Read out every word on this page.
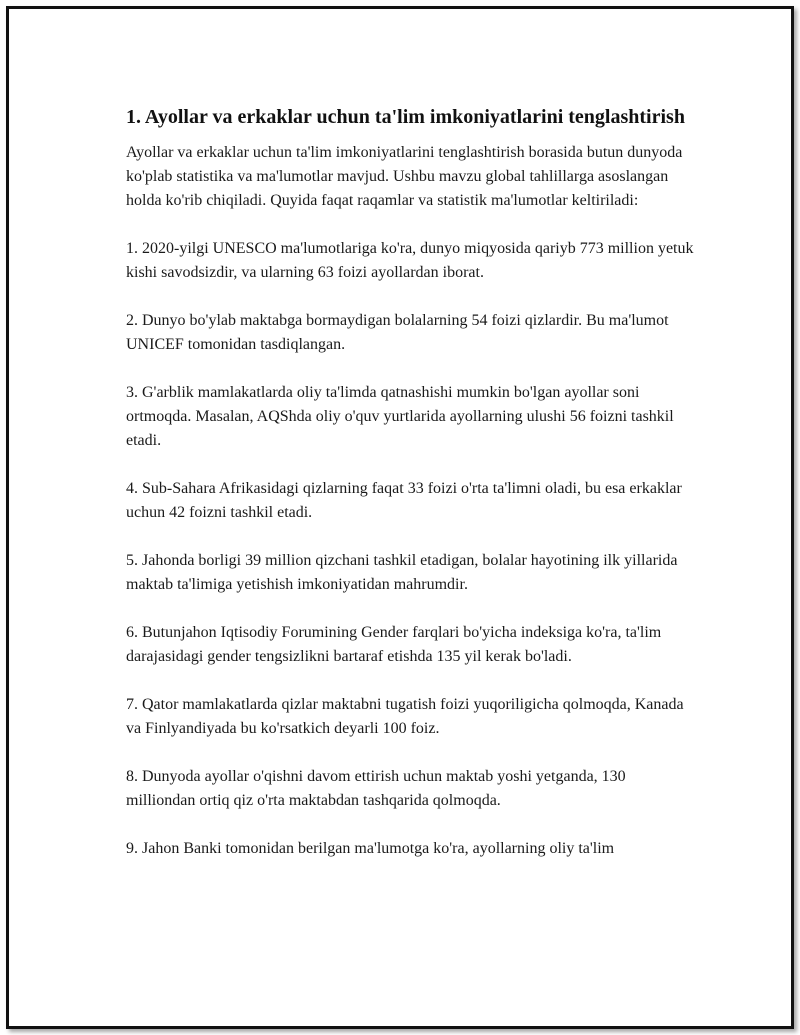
1. Ayollar va erkaklar uchun ta'lim imkoniyatlarini tenglashtirish

Ayollar va erkaklar uchun ta'lim imkoniyatlarini tenglashtirish borasida butun dunyoda ko'plab statistika va ma'lumotlar mavjud. Ushbu mavzu global tahlillarga asoslangan holda ko'rib chiqiladi. Quyida faqat raqamlar va statistik ma'lumotlar keltiriladi:

1. 2020-yilgi UNESCO ma'lumotlariga ko'ra, dunyo miqyosida qariyb 773 million yetuk kishi savodsizdir, va ularning 63 foizi ayollardan iborat.

2. Dunyo bo'ylab maktabga bormaydigan bolalarning 54 foizi qizlardir. Bu ma'lumot UNICEF tomonidan tasdiqlangan.

3. G'arblik mamlakatlarda oliy ta'limda qatnashishi mumkin bo'lgan ayollar soni ortmoqda. Masalan, AQShda oliy o'quv yurtlarida ayollarning ulushi 56 foizni tashkil etadi.

4. Sub-Sahara Afrikasidagi qizlarning faqat 33 foizi o'rta ta'limni oladi, bu esa erkaklar uchun 42 foizni tashkil etadi.

5. Jahonda borligi 39 million qizchani tashkil etadigan, bolalar hayotining ilk yillarida maktab ta'limiga yetishish imkoniyatidan mahrumdir.

6. Butunjahon Iqtisodiy Forumining Gender farqlari bo'yicha indeksiga ko'ra, ta'lim darajasidagi gender tengsizlikni bartaraf etishda 135 yil kerak bo'ladi.

7. Qator mamlakatlarda qizlar maktabni tugatish foizi yuqoriligicha qolmoqda, Kanada va Finlyandiyada bu ko'rsatkich deyarli 100 foiz.

8. Dunyoda ayollar o'qishni davom ettirish uchun maktab yoshi yetganda, 130 milliondan ortiq qiz o'rta maktabdan tashqarida qolmoqda.

9. Jahon Banki tomonidan berilgan ma'lumotga ko'ra, ayollarning oliy ta'lim
